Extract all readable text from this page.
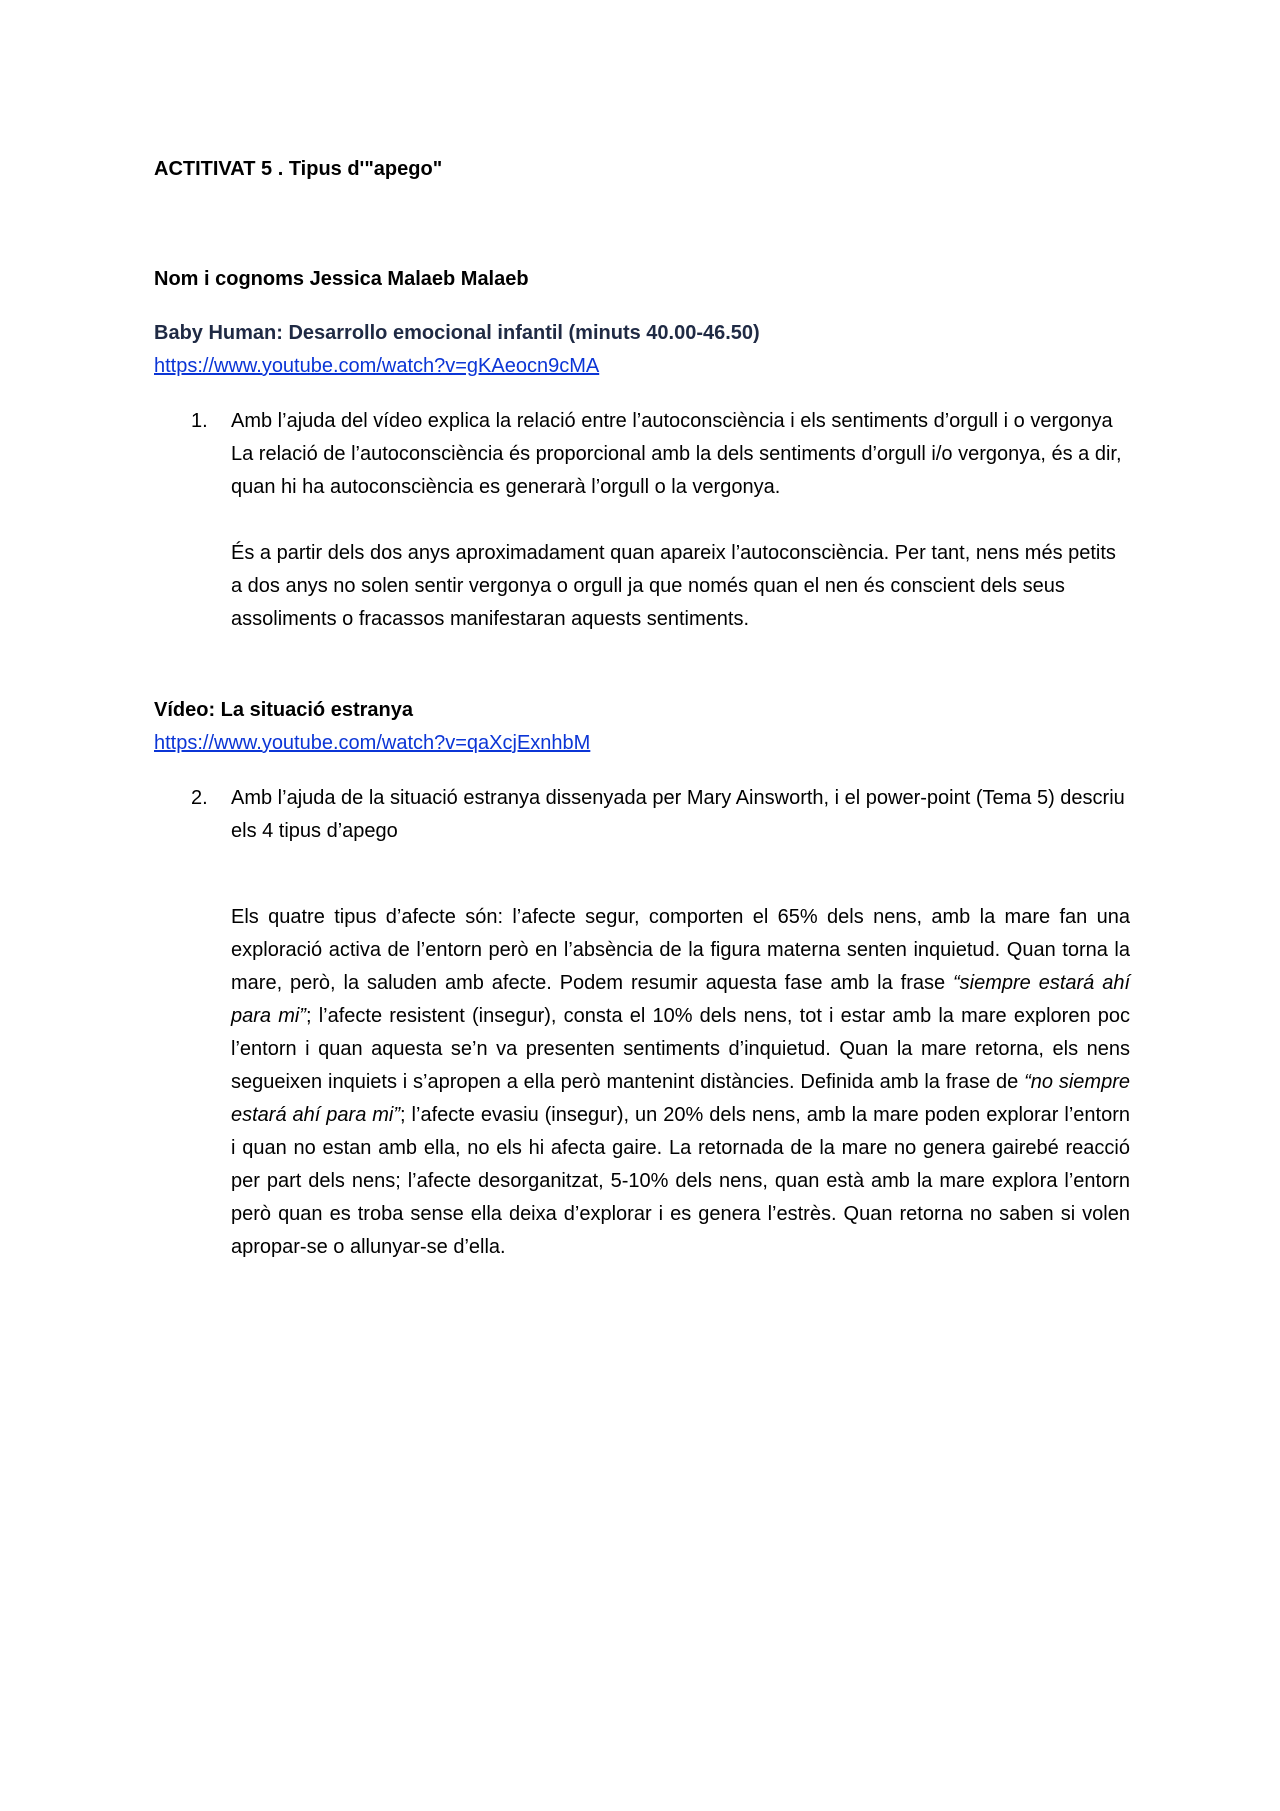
ACTITIVAT 5 . Tipus d'"apego"

Nom i cognoms Jessica Malaeb Malaeb

Baby Human: Desarrollo emocional infantil (minuts 40.00-46.50)

https://www.youtube.com/watch?v=gKAeocn9cMA
1. Amb l’ajuda del vídeo explica la relació entre l’autoconsciència i els sentiments d’orgull i o vergonya
La relació de l’autoconsciència és proporcional amb la dels sentiments d’orgull i/o vergonya, és a dir, quan hi ha autoconsciència es generarà l’orgull o la vergonya.
És a partir dels dos anys aproximadament quan apareix l’autoconsciència. Per tant, nens més petits a dos anys no solen sentir vergonya o orgull ja que només quan el nen és conscient dels seus assoliments o fracassos manifestaran aquests sentiments.

Vídeo: La situació estranya

https://www.youtube.com/watch?v=qaXcjExnhbM
2. Amb l’ajuda de la situació estranya dissenyada per Mary Ainsworth, i el power-point (Tema 5) descriu els 4 tipus d’apego

Els quatre tipus d’afecte són: l’afecte segur, comporten el 65% dels nens, amb la mare fan una exploració activa de l’entorn però en l’absència de la figura materna senten inquietud. Quan torna la mare, però, la saluden amb afecte. Podem resumir aquesta fase amb la frase “siempre estará ahí para mi”; l’afecte resistent (insegur), consta el 10% dels nens, tot i estar amb la mare exploren poc l’entorn i quan aquesta se’n va presenten sentiments d’inquietud. Quan la mare retorna, els nens segueixen inquiets i s’apropen a ella però mantenint distàncies. Definida amb la frase de “no siempre estará ahí para mi”; l’afecte evasiu (insegur), un 20% dels nens, amb la mare poden explorar l’entorn i quan no estan amb ella, no els hi afecta gaire. La retornada de la mare no genera gairebé reacció per part dels nens; l’afecte desorganitzat, 5-10% dels nens, quan està amb la mare explora l’entorn però quan es troba sense ella deixa d’explorar i es genera l’estrès. Quan retorna no saben si volen apropar-se o allunyar-se d’ella.
